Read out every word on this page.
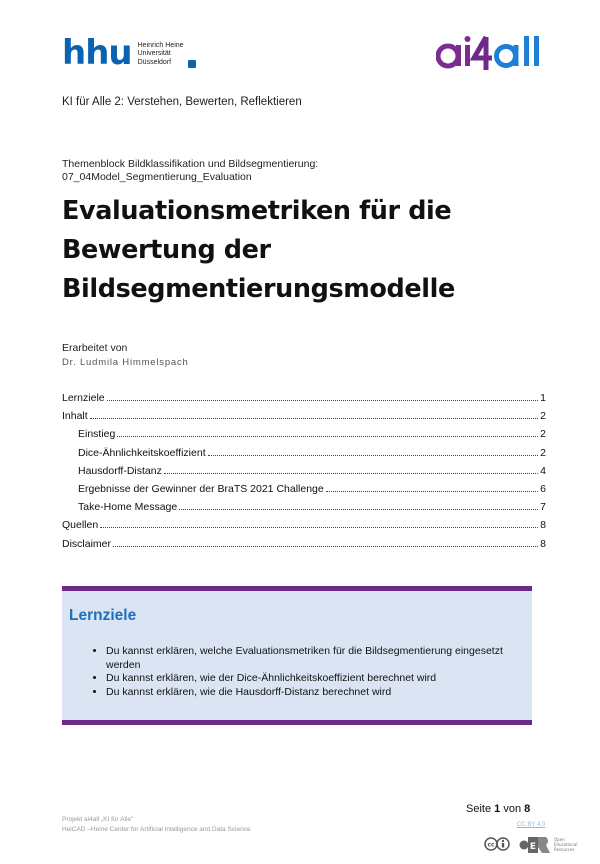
hhu Heinrich Heine
Universität
Düsseldorf
KI für Alle 2: Verstehen, Bewerten, Reflektieren
Themenblock Bildklassifikation und Bildsegmentierung:
07_04Model_Segmentierung_Evaluation
Evaluationsmetriken für die
Bewertung der
Bildsegmentierungsmodelle
Erarbeitet von
Dr. Ludmila Himmelspach
Lernziele	1
Inhalt	2
Einstieg	2
Dice-Ähnlichkeitskoeffizient	2
Hausdorff-Distanz	4
Ergebnisse der Gewinner der BraTS 2021 Challenge	6
Take-Home Message	7
Quellen	8
Disclaimer	8
Lernziele
• Du kannst erklären, welche Evaluationsmetriken für die Bildsegmentierung eingesetzt werden
• Du kannst erklären, wie der Dice-Ähnlichkeitskoeffizient berechnet wird
• Du kannst erklären, wie die Hausdorff-Distanz berechnet wird
Seite 1 von 8
Projekt ai4all „KI für Alle"
HeiCAD –Heine Center for Artificial Intelligence and Data Science
CC BY 4.0
cc	E
Open
Educational
Resources
